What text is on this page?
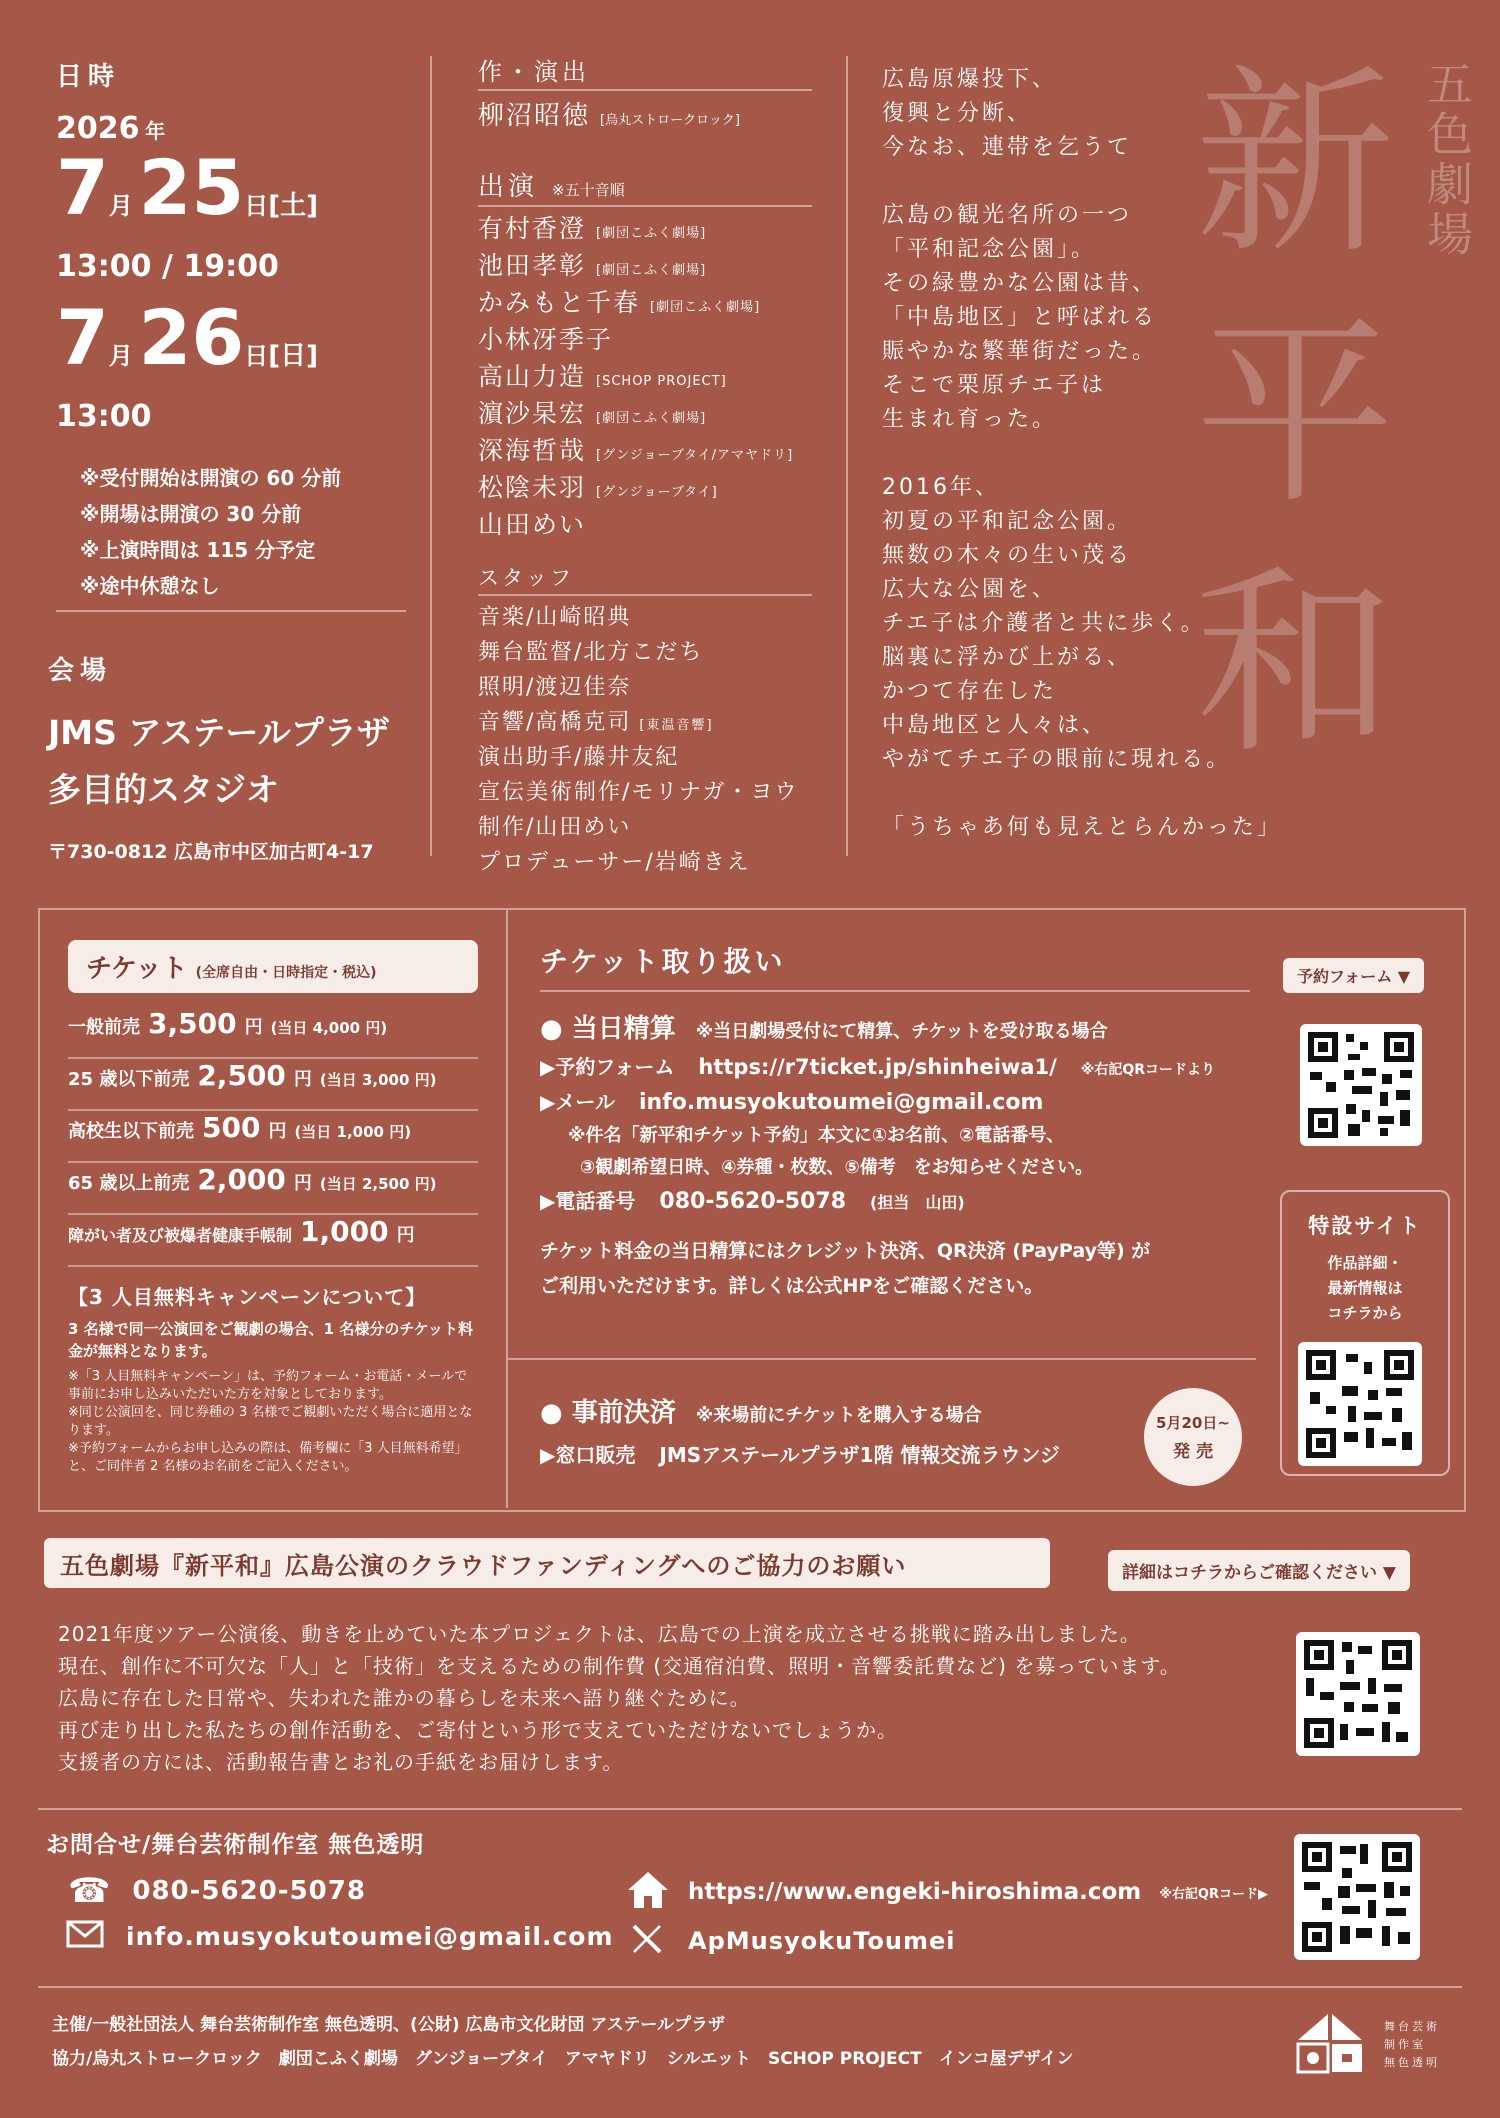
日時
2026 年
7月 25日[土]
13:00 / 19:00
7月 26日[日]
13:00
※受付開始は開演の 60 分前
※開場は開演の 30 分前
※上演時間は 115 分予定
※途中休憩なし
会場
JMS アステールプラザ
多目的スタジオ
〒730-0812 広島市中区加古町4-17
作・演出
柳沼昭徳 [烏丸ストロークロック]
出演 ※五十音順
有村香澄 [劇団こふく劇場]
池田孝彰 [劇団こふく劇場]
かみもと千春 [劇団こふく劇場]
小林冴季子
高山力造 [SCHOP PROJECT]
濵沙杲宏 [劇団こふく劇場]
深海哲哉 [グンジョーブタイ/アマヤドリ]
松陰未羽 [グンジョーブタイ]
山田めい
スタッフ
音楽/山崎昭典
舞台監督/北方こだち
照明/渡辺佳奈
音響/高橋克司 [東温音響]
演出助手/藤井友紀
宣伝美術制作/モリナガ・ヨウ
制作/山田めい
プロデューサー/岩崎きえ
新
平
和
五色劇場

広島原爆投下、

復興と分断、

今なお、連帯を乞うて

広島の観光名所の一つ

「平和記念公園」。

その緑豊かな公園は昔、

「中島地区」と呼ばれる

賑やかな繁華街だった。

そこで栗原チエ子は

生まれ育った。

2016年、

初夏の平和記念公園。

無数の木々の生い茂る

広大な公園を、

チエ子は介護者と共に歩く。

脳裏に浮かび上がる、

かつて存在した

中島地区と人々は、

やがてチエ子の眼前に現れる。

「うちゃあ何も見えとらんかった」

チケット (全席自由・日時指定・税込)
一般前売 3,500 円 (当日 4,000 円)
25 歳以下前売 2,500 円 (当日 3,000 円)
高校生以下前売 500 円 (当日 1,000 円)
65 歳以上前売 2,000 円 (当日 2,500 円)
障がい者及び被爆者健康手帳制 1,000 円
【3 人目無料キャンペーンについて】

3 名様で同一公演回をご観劇の場合、1 名様分のチケット料金が無料となります。

※「3 人目無料キャンペーン」は、予約フォーム・お電話・メールで事前にお申し込みいただいた方を対象としております。

※同じ公演回を、同じ券種の 3 名様でご観劇いただく場合に適用となります。

※予約フォームからお申し込みの際は、備考欄に「3 人目無料希望」と、ご同伴者 2 名様のお名前をご記入ください。

チケット取り扱い
● 当日精算 ※当日劇場受付にて精算、チケットを受け取る場合
▶予約フォーム https://r7ticket.jp/shinheiwa1/ ※右記QRコードより
▶メール info.musyokutoumei@gmail.com
※件名「新平和チケット予約」本文に①お名前、②電話番号、
③観劇希望日時、④券種・枚数、⑤備考　をお知らせください。
▶電話番号 080-5620-5078 (担当　山田)
チケット料金の当日精算にはクレジット決済、QR決済 (PayPay等) が
ご利用いただけます。詳しくは公式HPをご確認ください。
● 事前決済 ※来場前にチケットを購入する場合
▶窓口販売 JMSアステールプラザ1階 情報交流ラウンジ
5月20日~
発 売
予約フォーム ▼
特設サイト
作品詳細・
最新情報は
コチラから
五色劇場『新平和』広島公演のクラウドファンディングへのご協力のお願い	詳細はコチラからご確認ください ▼

2021年度ツアー公演後、動きを止めていた本プロジェクトは、広島での上演を成立させる挑戦に踏み出しました。

現在、創作に不可欠な「人」と「技術」を支えるための制作費 (交通宿泊費、照明・音響委託費など) を募っています。

広島に存在した日常や、失われた誰かの暮らしを未来へ語り継ぐために。

再び走り出した私たちの創作活動を、ご寄付という形で支えていただけないでしょうか。

支援者の方には、活動報告書とお礼の手紙をお届けします。

お問合せ/舞台芸術制作室 無色透明
☎ 080-5620-5078
info.musyokutoumei@gmail.com
https://www.engeki-hiroshima.com ※右記QRコード▶
ApMusyokuToumei
主催/一般社団法人 舞台芸術制作室 無色透明、(公財) 広島市文化財団 アステールプラザ
協力/烏丸ストロークロック　劇団こふく劇場　グンジョーブタイ　アマヤドリ　シルエット　SCHOP PROJECT　インコ屋デザイン
舞台芸術
制作室
無色透明
